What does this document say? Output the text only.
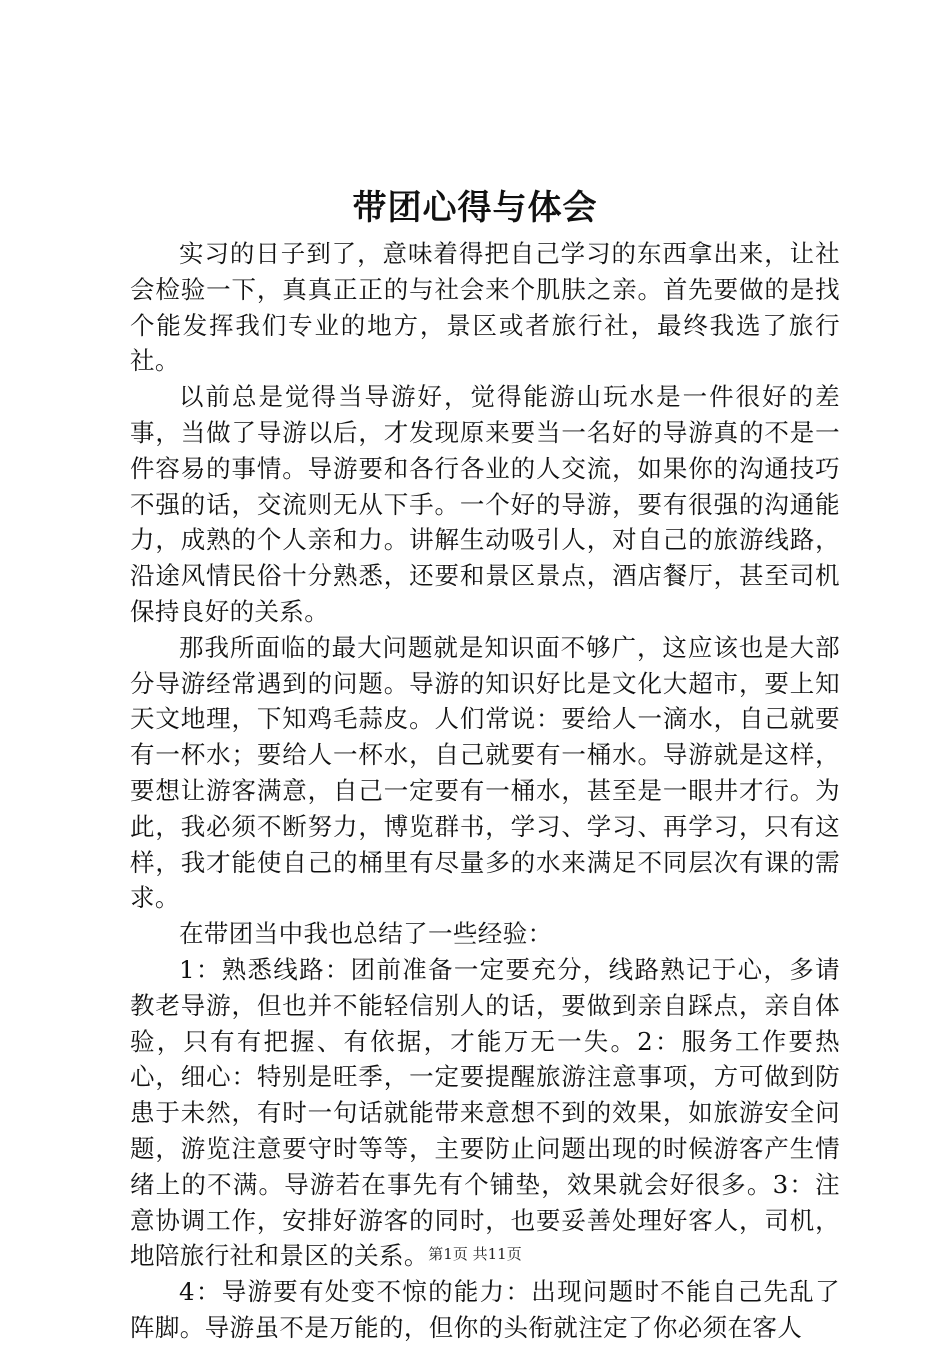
带团心得与体会

实习的日子到了，意味着得把自己学习的东西拿出来，让社会检验一下，真真正正的与社会来个肌肤之亲。首先要做的是找个能发挥我们专业的地方，景区或者旅行社，最终我选了旅行社。

以前总是觉得当导游好，觉得能游山玩水是一件很好的差事，当做了导游以后，才发现原来要当一名好的导游真的不是一件容易的事情。导游要和各行各业的人交流，如果你的沟通技巧不强的话，交流则无从下手。一个好的导游，要有很强的沟通能力，成熟的个人亲和力。讲解生动吸引人，对自己的旅游线路，沿途风情民俗十分熟悉，还要和景区景点，酒店餐厅，甚至司机保持良好的关系。

那我所面临的最大问题就是知识面不够广，这应该也是大部分导游经常遇到的问题。导游的知识好比是文化大超市，要上知天文地理，下知鸡毛蒜皮。人们常说：要给人一滴水，自己就要有一杯水；要给人一杯水，自己就要有一桶水。导游就是这样，要想让游客满意，自己一定要有一桶水，甚至是一眼井才行。为此，我必须不断努力，博览群书，学习、学习、再学习，只有这样，我才能使自己的桶里有尽量多的水来满足不同层次有课的需求。

在带团当中我也总结了一些经验：

1：熟悉线路：团前准备一定要充分，线路熟记于心，多请教老导游，但也并不能轻信别人的话，要做到亲自踩点，亲自体验，只有有把握、有依据，才能万无一失。2：服务工作要热心，细心：特别是旺季，一定要提醒旅游注意事项，方可做到防患于未然，有时一句话就能带来意想不到的效果，如旅游安全问题，游览注意要守时等等，主要防止问题出现的时候游客产生情绪上的不满。导游若在事先有个铺垫，效果就会好很多。3：注意协调工作，安排好游客的同时，也要妥善处理好客人，司机，地陪旅行社和景区的关系。

4：导游要有处变不惊的能力：出现问题时不能自己先乱了阵脚。导游虽不是万能的，但你的头衔就注定了你必须在客人

第1页 共11页
